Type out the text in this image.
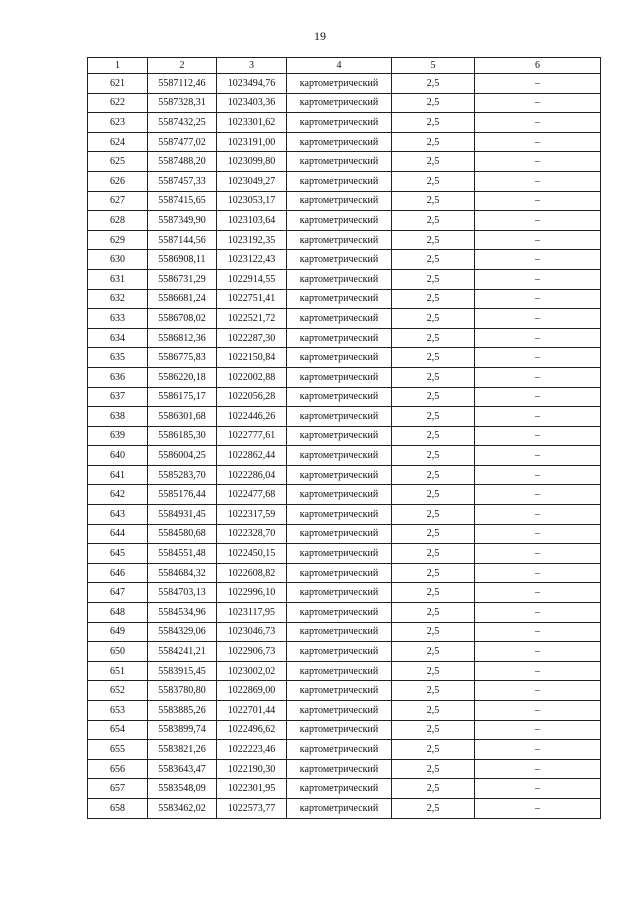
19
1	2	3	4	5	6
621	5587112,46	1023494,76	картометрический	2,5	–
622	5587328,31	1023403,36	картометрический	2,5	–
623	5587432,25	1023301,62	картометрический	2,5	–
624	5587477,02	1023191,00	картометрический	2,5	–
625	5587488,20	1023099,80	картометрический	2,5	–
626	5587457,33	1023049,27	картометрический	2,5	–
627	5587415,65	1023053,17	картометрический	2,5	–
628	5587349,90	1023103,64	картометрический	2,5	–
629	5587144,56	1023192,35	картометрический	2,5	–
630	5586908,11	1023122,43	картометрический	2,5	–
631	5586731,29	1022914,55	картометрический	2,5	–
632	5586681,24	1022751,41	картометрический	2,5	–
633	5586708,02	1022521,72	картометрический	2,5	–
634	5586812,36	1022287,30	картометрический	2,5	–
635	5586775,83	1022150,84	картометрический	2,5	–
636	5586220,18	1022002,88	картометрический	2,5	–
637	5586175,17	1022056,28	картометрический	2,5	–
638	5586301,68	1022446,26	картометрический	2,5	–
639	5586185,30	1022777,61	картометрический	2,5	–
640	5586004,25	1022862,44	картометрический	2,5	–
641	5585283,70	1022286,04	картометрический	2,5	–
642	5585176,44	1022477,68	картометрический	2,5	–
643	5584931,45	1022317,59	картометрический	2,5	–
644	5584580,68	1022328,70	картометрический	2,5	–
645	5584551,48	1022450,15	картометрический	2,5	–
646	5584684,32	1022608,82	картометрический	2,5	–
647	5584703,13	1022996,10	картометрический	2,5	–
648	5584534,96	1023117,95	картометрический	2,5	–
649	5584329,06	1023046,73	картометрический	2,5	–
650	5584241,21	1022906,73	картометрический	2,5	–
651	5583915,45	1023002,02	картометрический	2,5	–
652	5583780,80	1022869,00	картометрический	2,5	–
653	5583885,26	1022701,44	картометрический	2,5	–
654	5583899,74	1022496,62	картометрический	2,5	–
655	5583821,26	1022223,46	картометрический	2,5	–
656	5583643,47	1022190,30	картометрический	2,5	–
657	5583548,09	1022301,95	картометрический	2,5	–
658	5583462,02	1022573,77	картометрический	2,5	–
